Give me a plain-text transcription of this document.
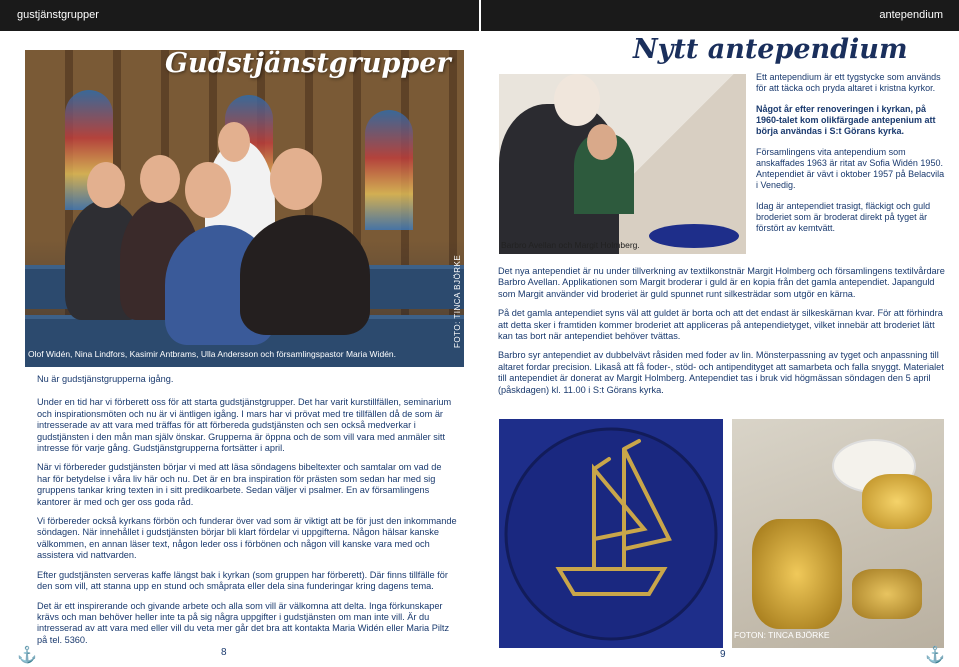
gustjänstgrupper	antependium
Gudstjänstgrupper
Olof Widén, Nina Lindfors, Kasimir Antbrams, Ulla Andersson och församlingspastor Maria Widén.
FOTO: TINCA BJÖRKE

Nu är gudstjänstgrupperna igång.

Under en tid har vi förberett oss för att starta gudstjänstgrupper. Det har varit kurstillfällen, seminarium och inspirationsmöten och nu är vi äntligen igång. I mars har vi prövat med tre tillfällen då de som är intresserade av att vara med träffas för att förbereda gudstjänsten och sen också medverkar i gudstjänsten i den mån man själv önskar. Grupperna är öppna och de som vill vara med anmäler sitt intresse för varje gång. Gudstjänstgrupperna fortsätter i april.

När vi förbereder gudstjänsten börjar vi med att läsa söndagens bibeltexter och samtalar om vad de har för betydelse i våra liv här och nu. Det är en bra inspiration för prästen som sedan har med sig gruppens tankar kring texten in i sitt predikoarbete. Sedan väljer vi psalmer. En av församlingens kantorer är med och ger oss goda råd.

Vi förbereder också kyrkans förbön och funderar över vad som är viktigt att be för just den inkommande söndagen. När innehållet i gudstjänsten börjar bli klart fördelar vi uppgifterna. Någon hälsar kanske välkommen, en annan läser text, någon leder oss i förbönen och någon vill kanske vara med och assistera vid nattvarden.

Efter gudstjänsten serveras kaffe längst bak i kyrkan (som gruppen har förberett). Där finns tillfälle för den som vill, att stanna upp en stund och småprata eller dela sina funderingar kring dagens tema.

Det är ett inspirerande och givande arbete och alla som vill är välkomna att delta. Inga förkunskaper krävs och man behöver heller inte ta på sig några uppgifter i gudstjänsten om man inte vill. Är du intresserad av att vara med eller vill du veta mer går det bra att kontakta Maria Widén eller Maria Piltz på tel. 5360.

8
⚓
Nytt antependium
Barbro Avellan och Margit Holmberg.

Ett antependium är ett tygstycke som används för att täcka och pryda altaret i kristna kyrkor.

Något år efter renoveringen i kyrkan, på 1960-talet kom olikfärgade antepenium att börja användas i S:t Görans kyrka.

Församlingens vita antependium som anskaffades 1963 är ritat av Sofia Widén 1950. Antependiet är vävt i oktober 1957 på Belacvila i Venedig.

Idag är antependiet trasigt, fläckigt och guld broderiet som är broderat direkt på tyget är förstört av kemtvätt.

Det nya antependiet är nu under tillverkning av textilkonstnär Margit Holmberg och församlingens textilvårdare Barbro Avellan. Applikationen som Margit broderar i guld är en kopia från det gamla antependiet. Japanguld som Margit använder vid broderiet är guld spunnet runt silkesträdar som utgör en kärna.

På det gamla antependiet syns väl att guldet är borta och att det endast är silkeskärnan kvar. För att förhindra att detta sker i framtiden kommer broderiet att appliceras på antependietyget, vilket innebär att broderiet lätt kan tas bort när antependiet behöver tvättas.

Barbro syr antependiet av dubbelvävt råsiden med foder av lin. Mönsterpassning av tyget och anpassning till altaret fordar precision. Likaså att få foder-, stöd- och antipendityget att samarbeta och falla snyggt. Materialet till antependiet är donerat av Margit Holmberg. Antependiet tas i bruk vid högmässan söndagen den 5 april (påskdagen) kl. 11.00 i S:t Görans kyrka.

FOTON: TINCA BJÖRKE
9	⚓
